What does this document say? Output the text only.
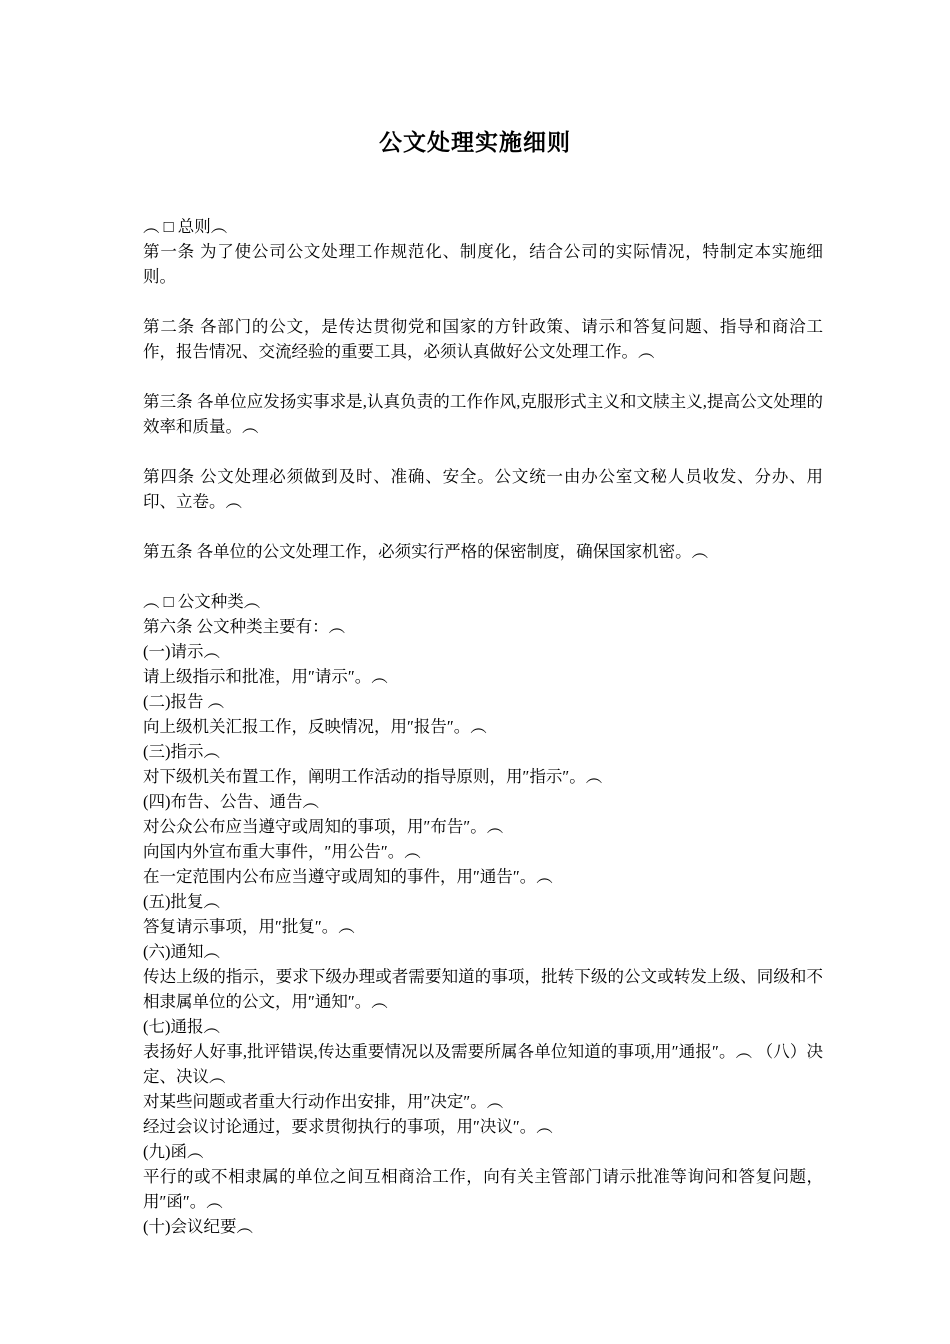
公文处理实施细则
︵ □ 总则︵
第一条 为了使公司公文处理工作规范化、制度化，结合公司的实际情况，特制定本实施细则。
第二条 各部门的公文，是传达贯彻党和国家的方针政策、请示和答复问题、指导和商洽工作，报告情况、交流经验的重要工具，必须认真做好公文处理工作。︵
第三条 各单位应发扬实事求是,认真负责的工作作风,克服形式主义和文牍主义,提高公文处理的效率和质量。︵
第四条 公文处理必须做到及时、准确、安全。公文统一由办公室文秘人员收发、分办、用印、立卷。︵
第五条 各单位的公文处理工作，必须实行严格的保密制度，确保国家机密。︵
︵ □ 公文种类︵
第六条 公文种类主要有：︵
(一)请示︵
请上级指示和批准，用″请示″。︵
(二)报告 ︵
向上级机关汇报工作，反映情况，用″报告″。︵
(三)指示︵
对下级机关布置工作，阐明工作活动的指导原则，用″指示″。︵
(四)布告、公告、通告︵
对公众公布应当遵守或周知的事项，用″布告″。︵
向国内外宣布重大事件，″用公告″。︵
在一定范围内公布应当遵守或周知的事件，用″通告″。︵
(五)批复︵
答复请示事项，用″批复″。︵
(六)通知︵
传达上级的指示，要求下级办理或者需要知道的事项，批转下级的公文或转发上级、同级和不相隶属单位的公文，用″通知″。︵
(七)通报︵
表扬好人好事,批评错误,传达重要情况以及需要所属各单位知道的事项,用″通报″。︵ （八）决定、决议︵
对某些问题或者重大行动作出安排，用″决定″。︵
经过会议讨论通过，要求贯彻执行的事项，用″决议″。︵
(九)函︵
平行的或不相隶属的单位之间互相商洽工作，向有关主管部门请示批准等询问和答复问题，用″函″。︵
(十)会议纪要︵
